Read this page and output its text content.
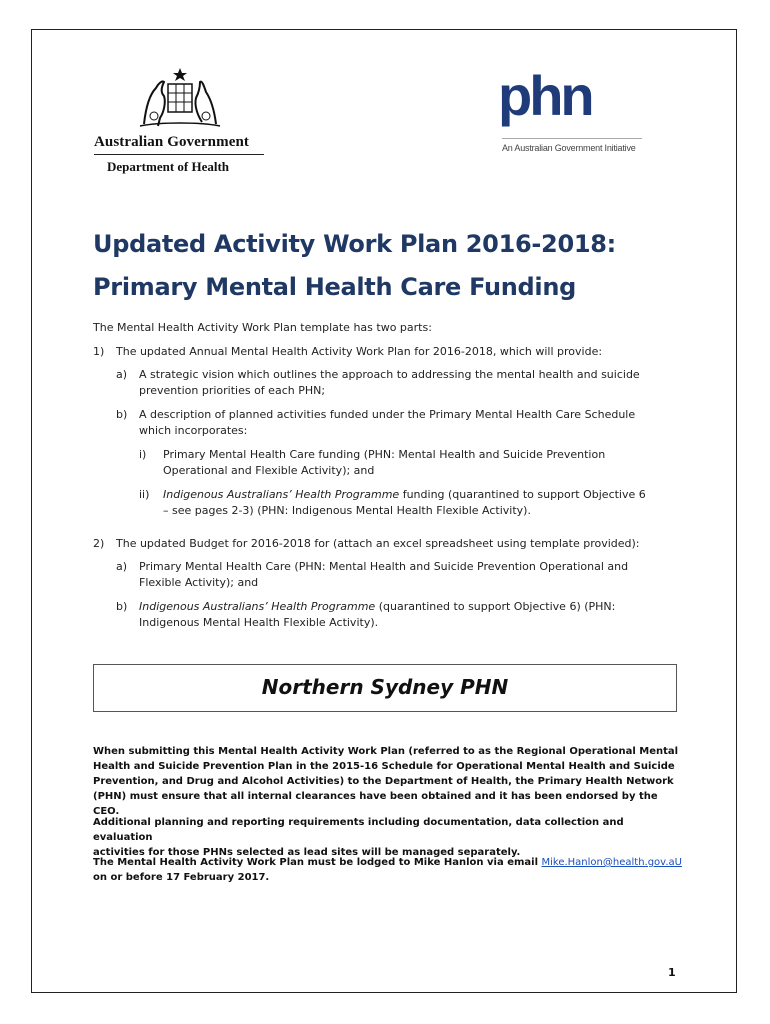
Australian Government
Department of Health
phn
An Australian Government Initiative
Updated Activity Work Plan 2016-2018:
Primary Mental Health Care Funding
The Mental Health Activity Work Plan template has two parts:
1) The updated Annual Mental Health Activity Work Plan for 2016-2018, which will provide:
a) A strategic vision which outlines the approach to addressing the mental health and suicide
prevention priorities of each PHN;
b) A description of planned activities funded under the Primary Mental Health Care Schedule
which incorporates:
i) Primary Mental Health Care funding (PHN: Mental Health and Suicide Prevention
Operational and Flexible Activity); and
ii) Indigenous Australians’ Health Programme funding (quarantined to support Objective 6
– see pages 2-3) (PHN: Indigenous Mental Health Flexible Activity).
2) The updated Budget for 2016-2018 for (attach an excel spreadsheet using template provided):
a) Primary Mental Health Care (PHN: Mental Health and Suicide Prevention Operational and
Flexible Activity); and
b) Indigenous Australians’ Health Programme (quarantined to support Objective 6) (PHN:
Indigenous Mental Health Flexible Activity).
Northern Sydney PHN
When submitting this Mental Health Activity Work Plan (referred to as the Regional Operational Mental
Health and Suicide Prevention Plan in the 2015-16 Schedule for Operational Mental Health and Suicide
Prevention, and Drug and Alcohol Activities) to the Department of Health, the Primary Health Network
(PHN) must ensure that all internal clearances have been obtained and it has been endorsed by the CEO.
Additional planning and reporting requirements including documentation, data collection and evaluation
activities for those PHNs selected as lead sites will be managed separately.
The Mental Health Activity Work Plan must be lodged to Mike Hanlon via email Mike.Hanlon@health.gov.aU
on or before 17 February 2017.
1
